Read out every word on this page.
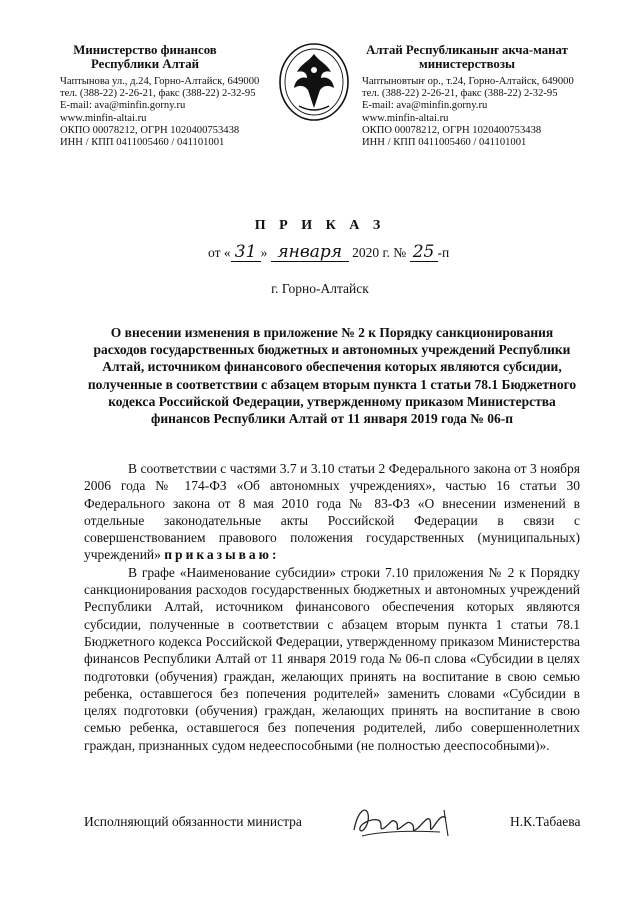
Министерство финансов Республики Алтай
Чаптынова ул., д.24, Горно-Алтайск, 649000
тел. (388-22) 2-26-21, факс (388-22) 2-32-95
E-mail: ava@minfin.gorny.ru
www.minfin-altai.ru
ОКПО 00078212, ОГРН 1020400753438
ИНН / КПП 0411005460 / 041101001
Алтай Республиканыҥ акча-манат министерствозы
Чаптыновтыҥ ор., т.24, Горно-Алтайск, 649000
тел. (388-22) 2-26-21, факс (388-22) 2-32-95
E-mail: ava@minfin.gorny.ru
www.minfin-altai.ru
ОКПО 00078212, ОГРН 1020400753438
ИНН / КПП 0411005460 / 041101001
П Р И К А З
от « 31 » января 2020 г. № 25 -п
г. Горно-Алтайск
О внесении изменения в приложение № 2 к Порядку санкционирования расходов государственных бюджетных и автономных учреждений Республики Алтай, источником финансового обеспечения которых являются субсидии, полученные в соответствии с абзацем вторым пункта 1 статьи 78.1 Бюджетного кодекса Российской Федерации, утвержденному приказом Министерства финансов Республики Алтай от 11 января 2019 года № 06-п

В соответствии с частями 3.7 и 3.10 статьи 2 Федерального закона от 3 ноября 2006 года № 174-ФЗ «Об автономных учреждениях», частью 16 статьи 30 Федерального закона от 8 мая 2010 года № 83-ФЗ «О внесении изменений в отдельные законодательные акты Российской Федерации в связи с совершенствованием правового положения государственных (муниципальных) учреждений» приказываю:

В графе «Наименование субсидии» строки 7.10 приложения № 2 к Порядку санкционирования расходов государственных бюджетных и автономных учреждений Республики Алтай, источником финансового обеспечения которых являются субсидии, полученные в соответствии с абзацем вторым пункта 1 статьи 78.1 Бюджетного кодекса Российской Федерации, утвержденному приказом Министерства финансов Республики Алтай от 11 января 2019 года № 06-п слова «Субсидии в целях подготовки (обучения) граждан, желающих принять на воспитание в свою семью ребенка, оставшегося без попечения родителей» заменить словами «Субсидии в целях подготовки (обучения) граждан, желающих принять на воспитание в свою семью ребенка, оставшегося без попечения родителей, либо совершеннолетних граждан, признанных судом недееспособными (не полностью дееспособными)».

Исполняющий обязанности министра	Н.К.Табаева
